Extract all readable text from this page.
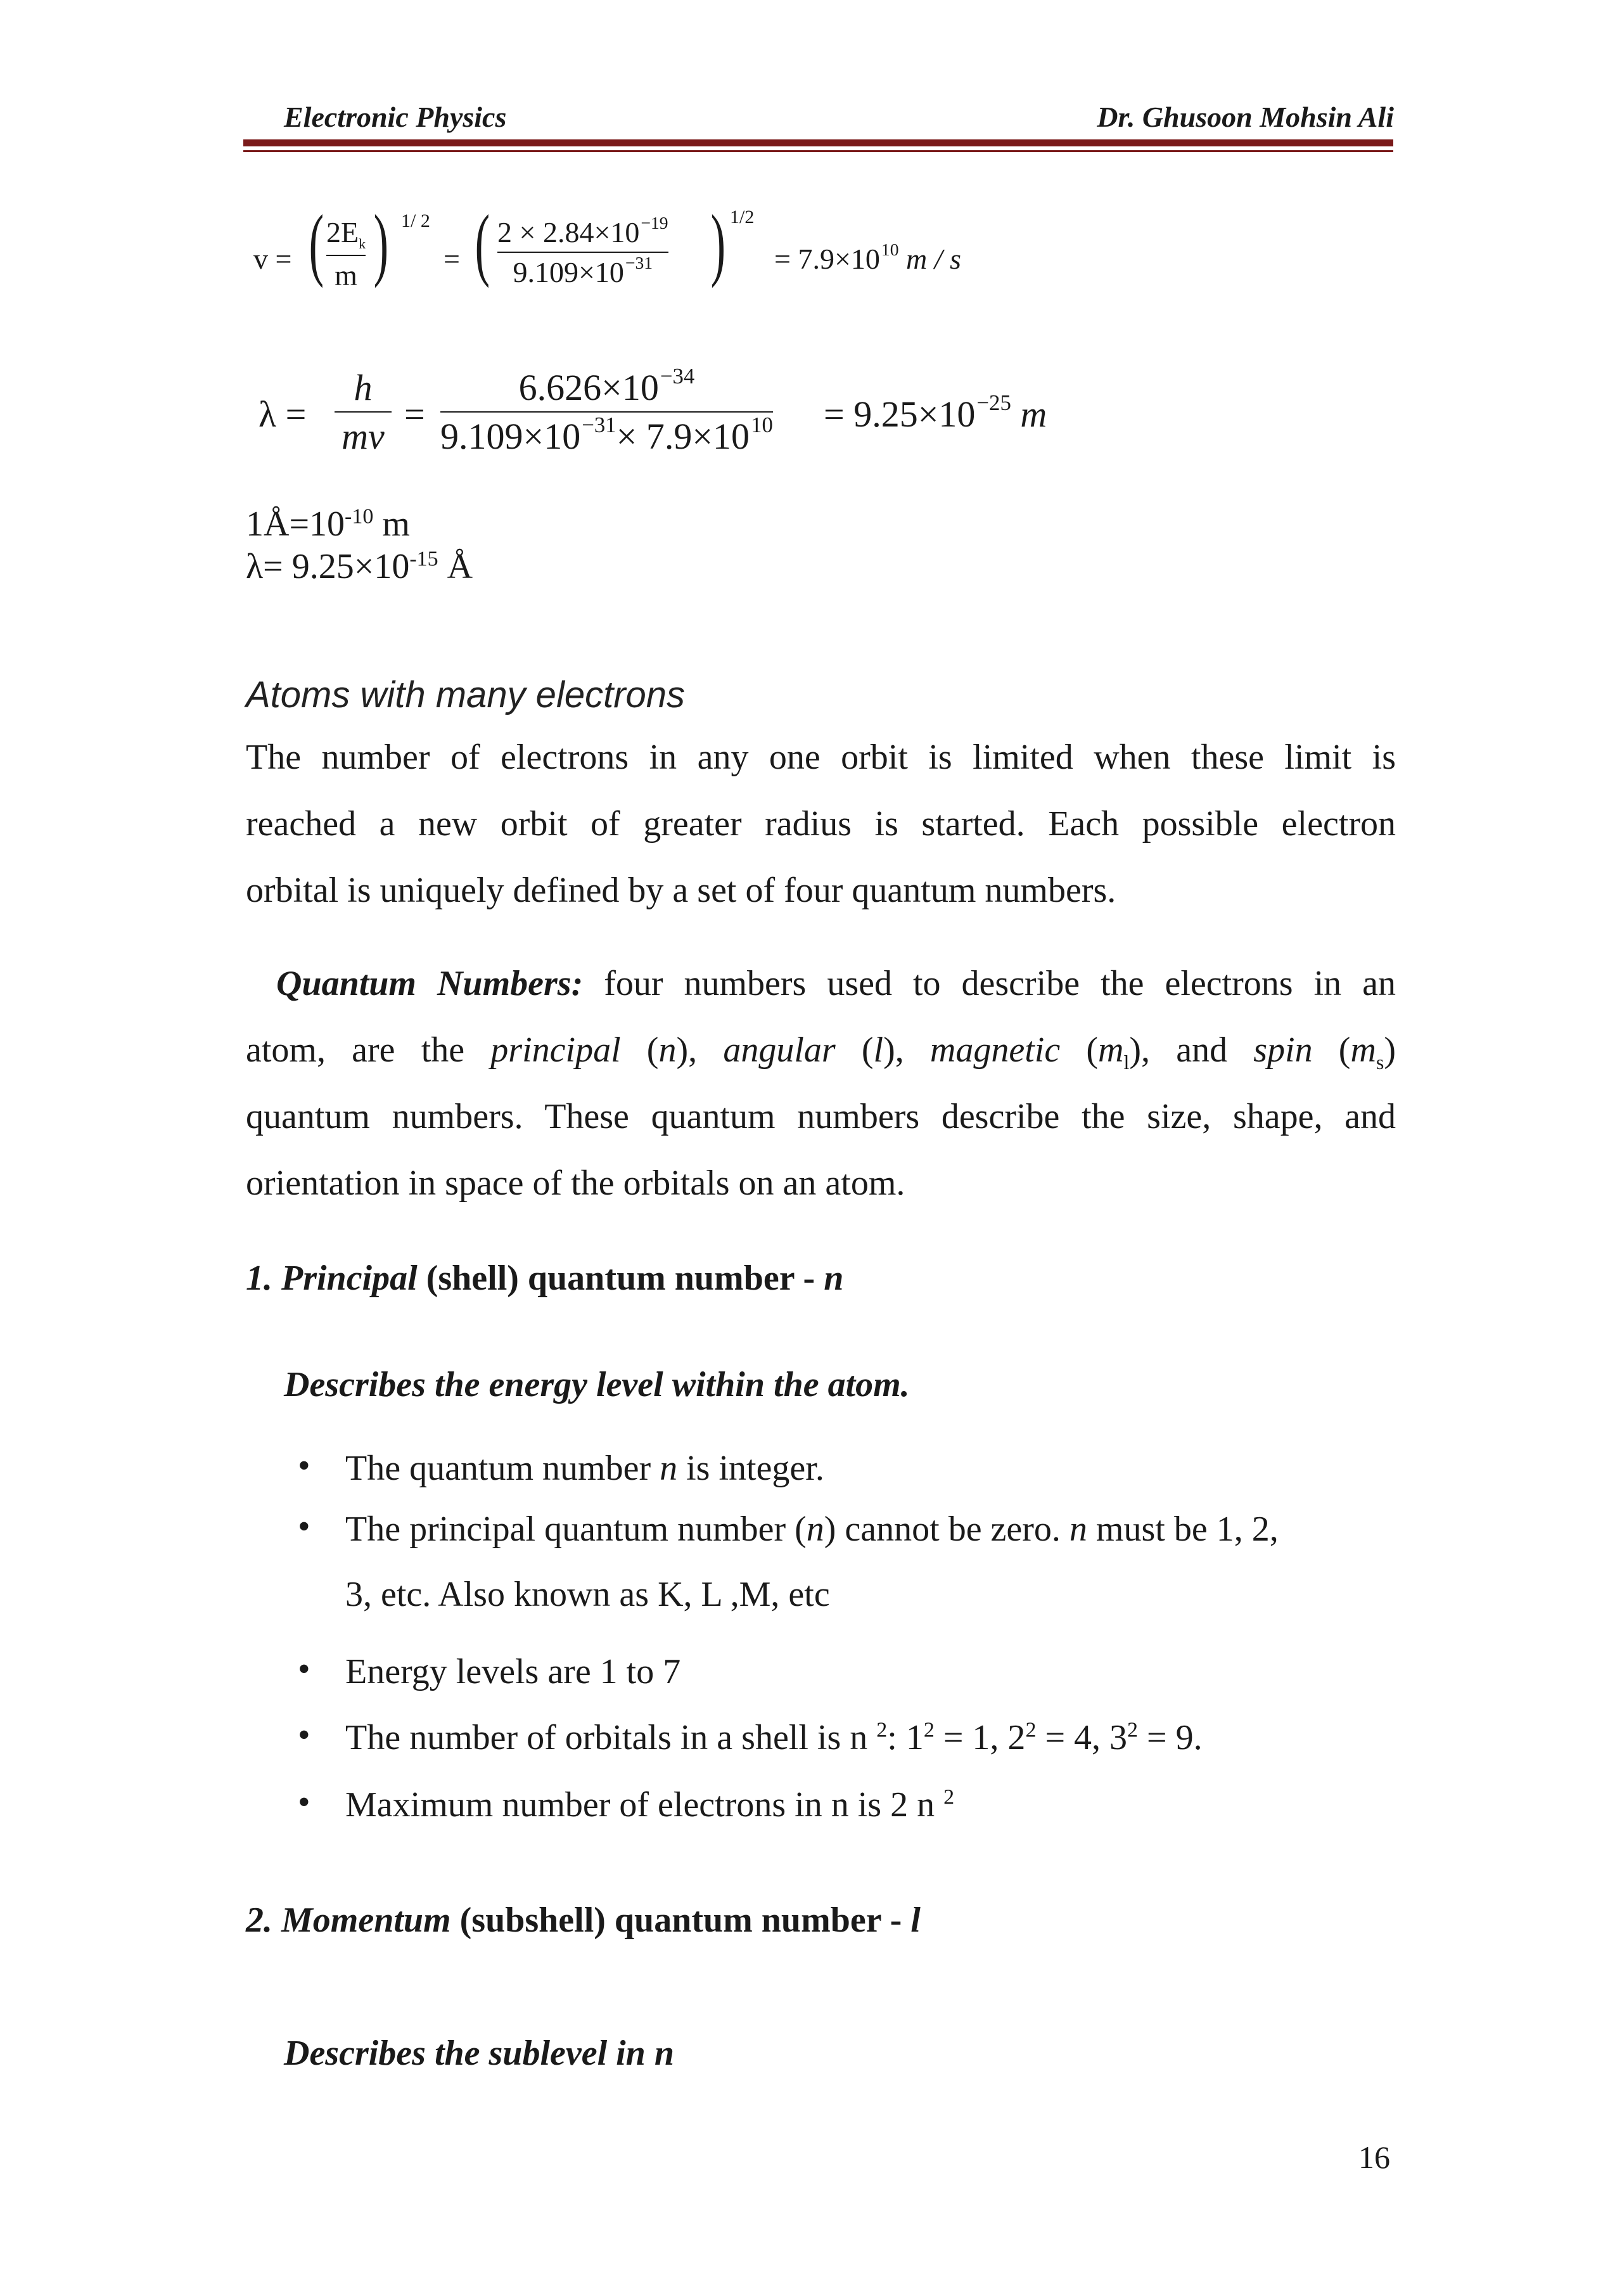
Electronic Physics	Dr. Ghusoon Mohsin Ali
v = ( $2E_k$
m ) 1/ 2
= ( $2 \times 2.84\times 10^{-19}$
$9.109\times 10^{-31}$ ) 1/2
= $7.9\times 10^{10}$ m / s
λ =
h
mv
=
$6.626\times 10^{-34}$
$9.109\times 10^{-31}\times 7.9\times 10^{10} = 9.25\times 10^{-25}$ m
$1Å=10^{-10}$ m
$\lambda= 9.25\times 10^{-15}$ Å
Atoms with many electrons
The number of electrons in any one orbit is limited when these limit is
reached a new orbit of greater radius is started. Each possible electron
orbital is uniquely defined by a set of four quantum numbers.
Quantum Numbers: four numbers used to describe the electrons in an
atom, are the principal (n), angular (l), magnetic $(m_l)$, and spin $(m_s)$
quantum numbers. These quantum numbers describe the size, shape, and
orientation in space of the orbitals on an atom.
1. Principal (shell) quantum number - n
Describes the energy level within the atom.
• The quantum number n is integer.
• The principal quantum number (n) cannot be zero. n must be 1, 2,
3, etc. Also known as K, L ,M, etc
• Energy levels are 1 to 7
• The number of orbitals in a shell is n $^2$: $1^2 = 1$, $2^2 = 4$, $3^2 = 9$.
• Maximum number of electrons in n is 2 n $^2$
2. Momentum (subshell) quantum number - l
Describes the sublevel in n
16
